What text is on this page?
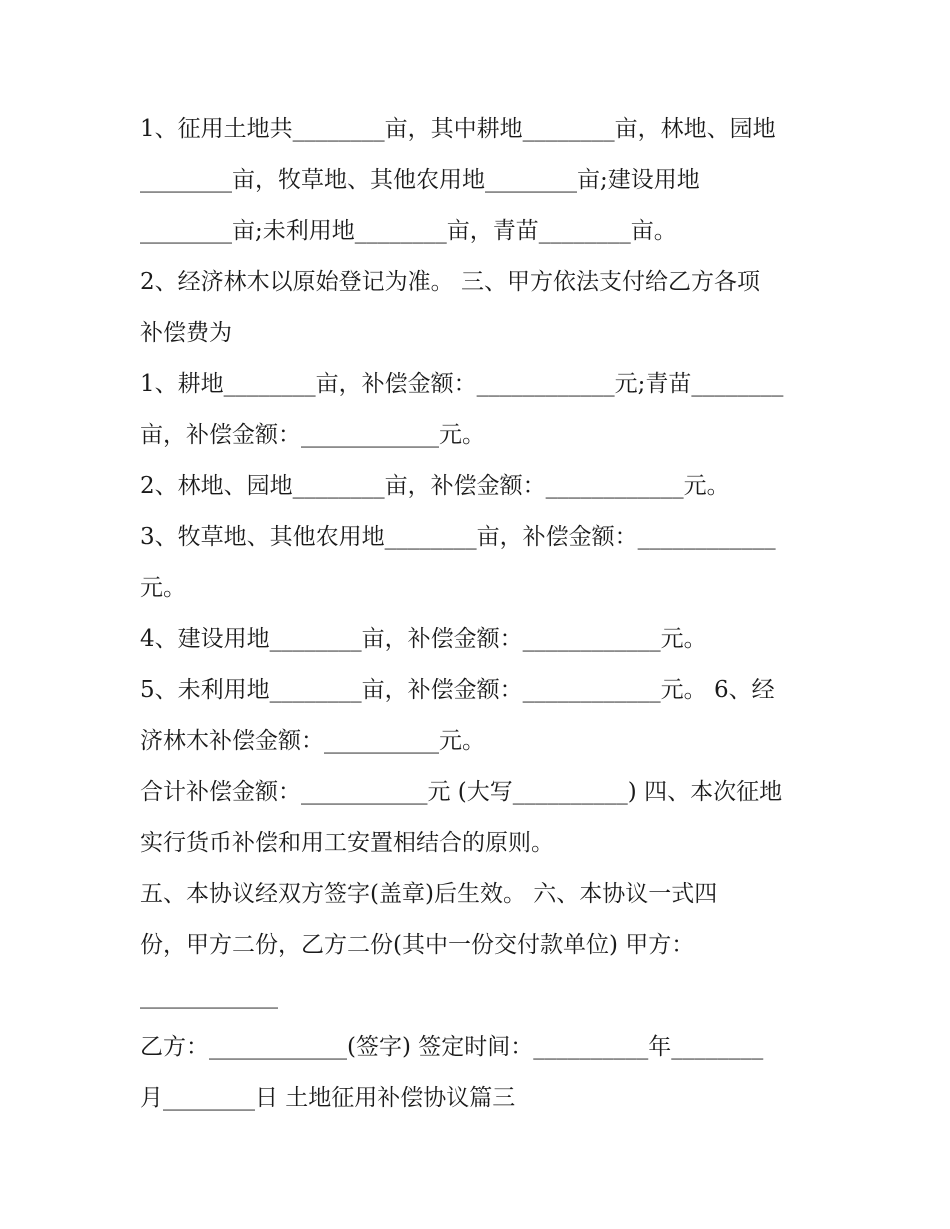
1、征用土地共________亩，其中耕地________亩，林地、园地
________亩，牧草地、其他农用地________亩;建设用地
________亩;未利用地________亩，青苗________亩。
2、经济林木以原始登记为准。 三、甲方依法支付给乙方各项
补偿费为
1、耕地________亩，补偿金额：____________元;青苗________
亩，补偿金额：____________元。
2、林地、园地________亩，补偿金额：____________元。
3、牧草地、其他农用地________亩，补偿金额：____________
元。
4、建设用地________亩，补偿金额：____________元。
5、未利用地________亩，补偿金额：____________元。 6、经
济林木补偿金额：__________元。
合计补偿金额：___________元 (大写__________) 四、本次征地
实行货币补偿和用工安置相结合的原则。
五、本协议经双方签字(盖章)后生效。 六、本协议一式四
份，甲方二份，乙方二份(其中一份交付款单位) 甲方：
____________
乙方：____________(签字) 签定时间：__________年________
月________日 土地征用补偿协议篇三
